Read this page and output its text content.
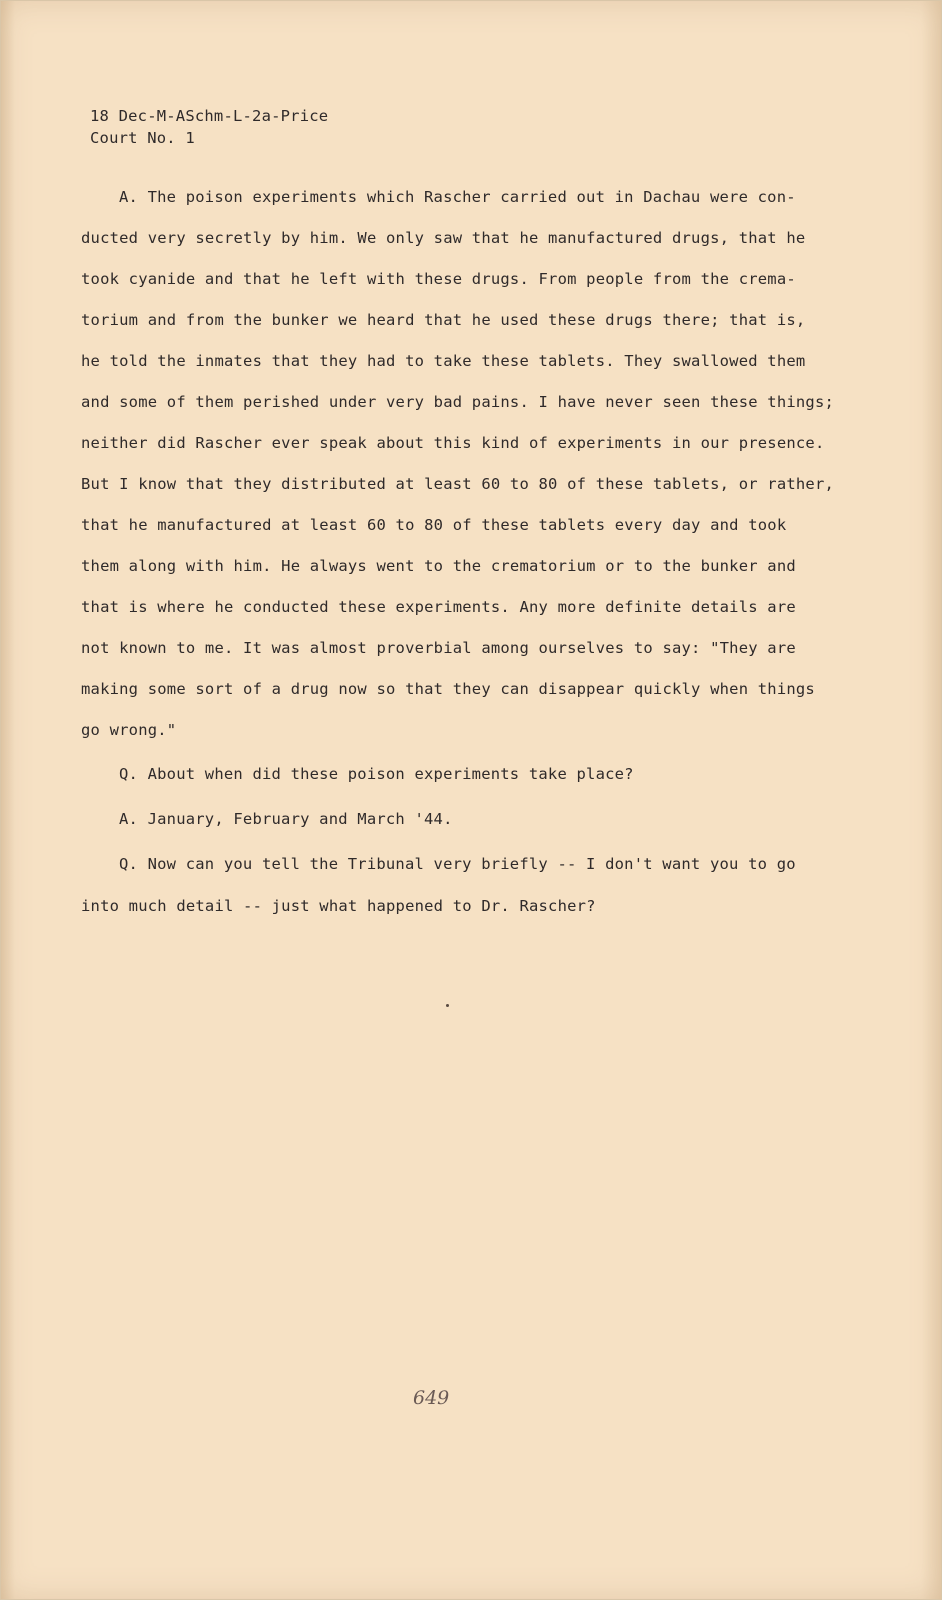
18 Dec-M-ASchm-L-2a-Price
Court No. 1
A. The poison experiments which Rascher carried out in Dachau were con-
ducted very secretly by him. We only saw that he manufactured drugs, that he
took cyanide and that he left with these drugs. From people from the crema-
torium and from the bunker we heard that he used these drugs there; that is,
he told the inmates that they had to take these tablets. They swallowed them
and some of them perished under very bad pains. I have never seen these things;
neither did Rascher ever speak about this kind of experiments in our presence.
But I know that they distributed at least 60 to 80 of these tablets, or rather,
that he manufactured at least 60 to 80 of these tablets every day and took
them along with him. He always went to the crematorium or to the bunker and
that is where he conducted these experiments. Any more definite details are
not known to me. It was almost proverbial among ourselves to say: "They are
making some sort of a drug now so that they can disappear quickly when things
go wrong."
Q. About when did these poison experiments take place?
A. January, February and March '44.
Q. Now can you tell the Tribunal very briefly -- I don't want you to go
into much detail -- just what happened to Dr. Rascher?
649
